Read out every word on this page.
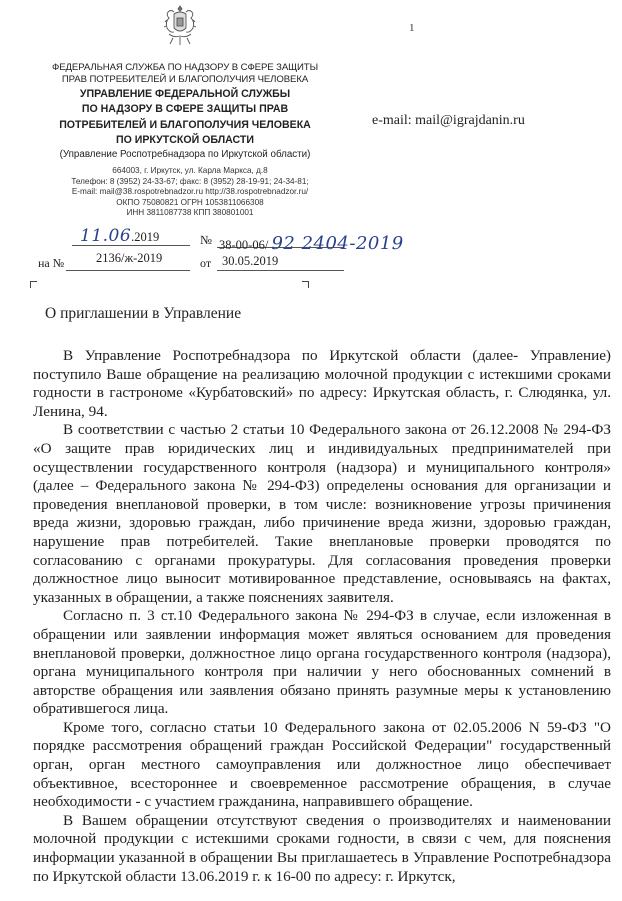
1
ФЕДЕРАЛЬНАЯ СЛУЖБА ПО НАДЗОРУ В СФЕРЕ ЗАЩИТЫ
ПРАВ ПОТРЕБИТЕЛЕЙ И БЛАГОПОЛУЧИЯ ЧЕЛОВЕКА
УПРАВЛЕНИЕ ФЕДЕРАЛЬНОЙ СЛУЖБЫ
ПО НАДЗОРУ В СФЕРЕ ЗАЩИТЫ ПРАВ
ПОТРЕБИТЕЛЕЙ И БЛАГОПОЛУЧИЯ ЧЕЛОВЕКА
ПО ИРКУТСКОЙ ОБЛАСТИ
(Управление Роспотребнадзора по Иркутской области)
664003, г. Иркутск, ул. Карла Маркса, д.8
Телефон: 8 (3952) 24-33-67; факс: 8 (3952) 28-19-91; 24-34-81;
E-mail: mail@38.rospotrebnadzor.ru http://38.rospotrebnadzor.ru/
ОКПО 75080821 ОГРН 1053811066308
ИНН 3811087738 КПП 380801001
e-mail: mail@igrajdanin.ru
11.06.2019	№ 38-00-06/ 92 2404-2019
на №	2136/ж-2019	от 30.05.2019
О приглашении в Управление

В Управление Роспотребнадзора по Иркутской области (далее- Управление) поступило Ваше обращение на реализацию молочной продукции с истекшими сроками годности в гастрономе «Курбатовский» по адресу: Иркутская область, г. Слюдянка, ул. Ленина, 94.

В соответствии с частью 2 статьи 10 Федерального закона от 26.12.2008 № 294-ФЗ «О защите прав юридических лиц и индивидуальных предпринимателей при осуществлении государственного контроля (надзора) и муниципального контроля» (далее – Федерального закона № 294-ФЗ) определены основания для организации и проведения внеплановой проверки, в том числе: возникновение угрозы причинения вреда жизни, здоровью граждан, либо причинение вреда жизни, здоровью граждан, нарушение прав потребителей. Такие внеплановые проверки проводятся по согласованию с органами прокуратуры. Для согласования проведения проверки должностное лицо выносит мотивированное представление, основываясь на фактах, указанных в обращении, а также пояснениях заявителя.

Согласно п. 3 ст.10 Федерального закона № 294-ФЗ в случае, если изложенная в обращении или заявлении информация может являться основанием для проведения внеплановой проверки, должностное лицо органа государственного контроля (надзора), органа муниципального контроля при наличии у него обоснованных сомнений в авторстве обращения или заявления обязано принять разумные меры к установлению обратившегося лица.

Кроме того, согласно статьи 10 Федерального закона от 02.05.2006 N 59-ФЗ "О порядке рассмотрения обращений граждан Российской Федерации" государственный орган, орган местного самоуправления или должностное лицо обеспечивает объективное, всестороннее и своевременное рассмотрение обращения, в случае необходимости - с участием гражданина, направившего обращение.

В Вашем обращении отсутствуют сведения о производителях и наименовании молочной продукции с истекшими сроками годности, в связи с чем, для пояснения информации указанной в обращении Вы приглашаетесь в Управление Роспотребнадзора по Иркутской области 13.06.2019 г. к 16-00 по адресу: г. Иркутск,
